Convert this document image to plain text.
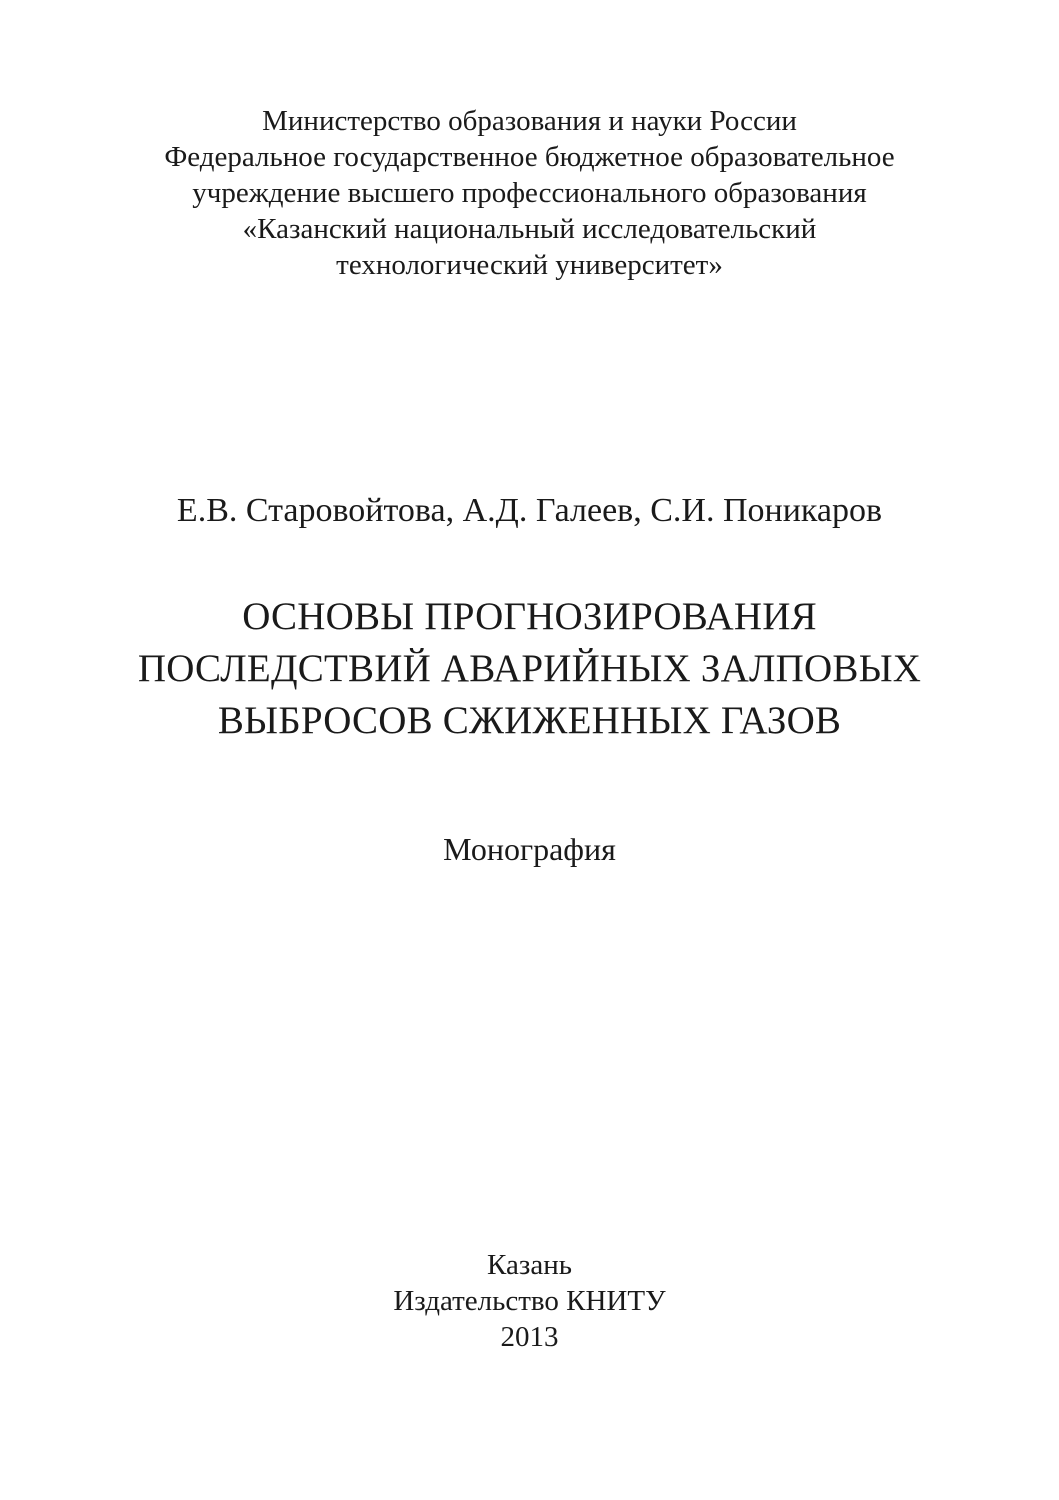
Министерство образования и науки России
Федеральное государственное бюджетное образовательное
учреждение высшего профессионального образования
«Казанский национальный исследовательский
технологический университет»
Е.В. Старовойтова, А.Д. Галеев, С.И. Поникаров
ОСНОВЫ ПРОГНОЗИРОВАНИЯ
ПОСЛЕДСТВИЙ АВАРИЙНЫХ ЗАЛПОВЫХ
ВЫБРОСОВ СЖИЖЕННЫХ ГАЗОВ
Монография
Казань
Издательство КНИТУ
2013
